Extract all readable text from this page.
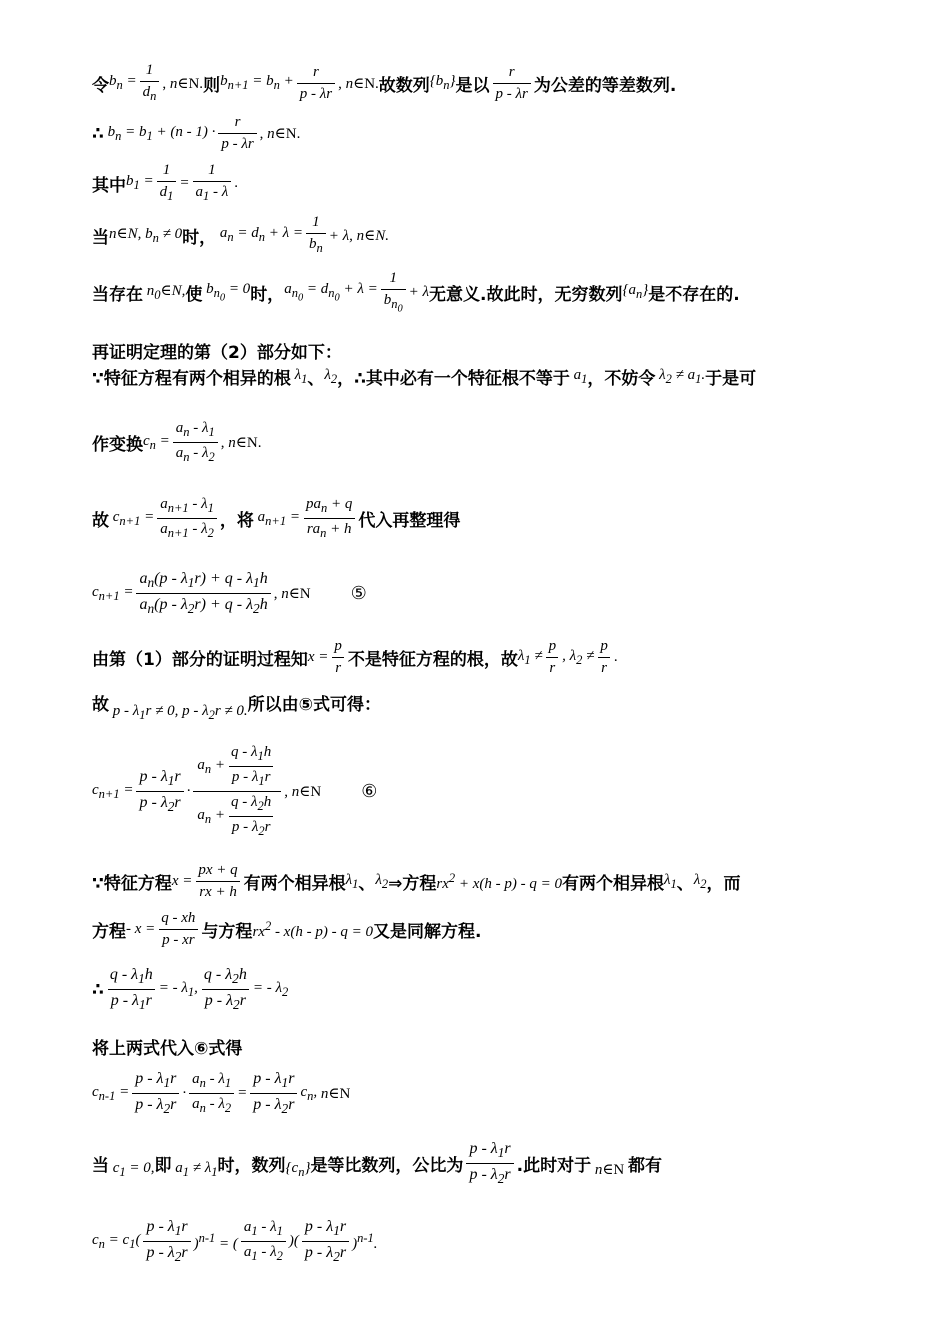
令 $b_n = \frac{1}{d_n}$ , n∈N. 则 $b_{n+1} = b_n + \frac{r}{p - \lambda r}$ , n∈N. 故数列 $\{b_n\}$ 是以 $\frac{r}{p - \lambda r}$ 为公差的等差数列.
∴ $b_n = b_1 + (n - 1) \cdot \frac{r}{p - \lambda r}$ , n∈N.
其中 $b_1 = \frac{1}{d_1} = \frac{1}{a_1 - \lambda}$ .
当 n∈N, $b_n \ne 0$ 时， $a_n = d_n + \lambda = \frac{1}{b_n} + \lambda$, n∈N.
当存在 $n_0\in N$, 使 $b_{n_0} = 0$ 时， $a_{n_0} = d_{n_0} + \lambda = \frac{1}{b_{n_0}} + \lambda$ 无意义.故此时，无穷数列 $\{a_n\}$ 是不存在的.
再证明定理的第（2）部分如下：
∵特征方程有两个相异的根 $\lambda_1$ 、 $\lambda_2$ ，∴其中必有一个特征根不等于 $a_1$ ，不妨令 $\lambda_2 \ne a_1$. 于是可
作变换 $c_n = \frac{a_n - \lambda_1}{a_n - \lambda_2}$ , n∈N.
故 $c_{n+1} = \frac{a_{n+1} - \lambda_1}{a_{n+1} - \lambda_2}$ ，将 $a_{n+1} = \frac{pa_n + q}{ra_n + h}$ 代入再整理得
$c_{n+1} = \frac{a_n(p - \lambda_1r) + q - \lambda_1h}{a_n(p - \lambda_2r) + q - \lambda_2h}$ , n∈N ⑤
由第（1）部分的证明过程知 $x = \frac{p}{r}$ 不是特征方程的根，故 $\lambda_1 \ne \frac{p}{r}$ , $\lambda_2 \ne \frac{p}{r}$ .
故 $p - \lambda_1r \ne 0$, $p - \lambda_2r \ne 0$. 所以由⑤式可得：
$c_{n+1} = \frac{p - \lambda_1r}{p - \lambda_2r}$ ·
$a_n + \frac{q - \lambda_1h}{p - \lambda_1r}$
$a_n + \frac{q - \lambda_2h}{p - \lambda_2r}$
, n∈N ⑥
∵特征方程 $x = \frac{px + q}{rx + h}$ 有两个相异根 $\lambda_1$ 、 $\lambda_2$ ⇒方程 $rx^2 + x(h - p) - q = 0$ 有两个相异根 $\lambda_1$ 、 $\lambda_2$ ，而
方程 - $x = \frac{q - xh}{p - xr}$ 与方程 $rx^2 - x(h - p) - q = 0$ 又是同解方程.
∴ $\frac{q - \lambda_1h}{p - \lambda_1r}$ = - $\lambda_1$, $\frac{q - \lambda_2h}{p - \lambda_2r}$ = - $\lambda_2$
将上两式代入⑥式得
$c_{n-1} = \frac{p - \lambda_1r}{p - \lambda_2r} \cdot \frac{a_n - \lambda_1}{a_n - \lambda_2} = \frac{p - \lambda_1r}{p - \lambda_2r} c_n$, n∈N
当 $c_1 = 0$, 即 $a_1 \ne \lambda_1$ 时，数列 $\{c_n\}$ 是等比数列，公比为 $\frac{p - \lambda_1r}{p - \lambda_2r}$ .此时对于 n∈N 都有
$c_n = c_1( \frac{p - \lambda_1r}{p - \lambda_2r} )^{n-1}$ = ( $\frac{a_1 - \lambda_1}{a_1 - \lambda_2}$ )( $\frac{p - \lambda_1r}{p - \lambda_2r} )^{n-1}$.
